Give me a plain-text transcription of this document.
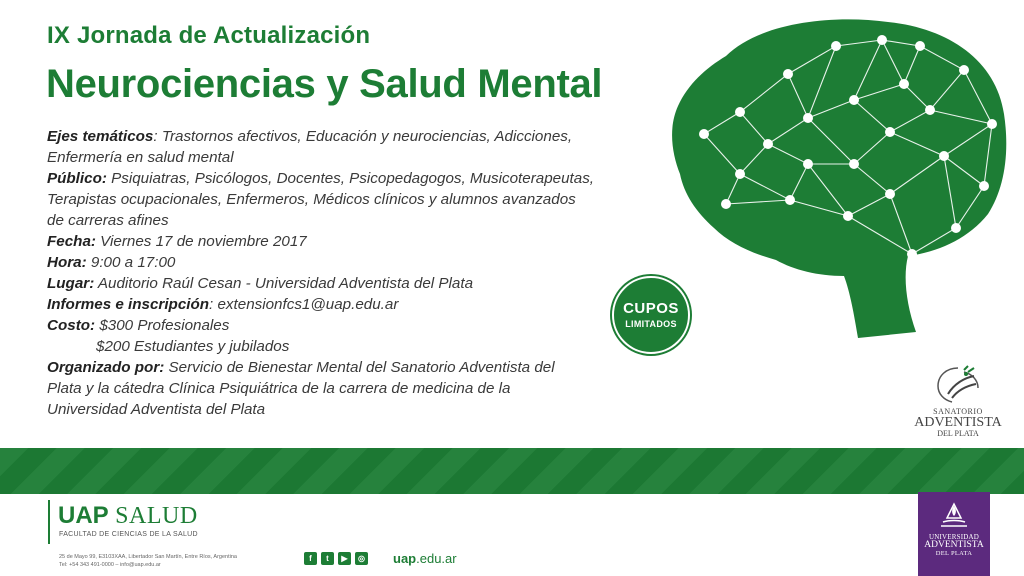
IX Jornada de Actualización
Neurociencias y Salud Mental
Ejes temáticos: Trastornos afectivos, Educación y neurociencias, Adicciones,
Enfermería en salud mental
Público: Psiquiatras, Psicólogos, Docentes, Psicopedagogos, Musicoterapeutas,
Terapistas ocupacionales, Enfermeros, Médicos clínicos y alumnos avanzados
de carreras afines
Fecha: Viernes 17 de noviembre 2017
Hora: 9:00 a 17:00
Lugar: Auditorio Raúl Cesan - Universidad Adventista del Plata
Informes e inscripción: extensionfcs1@uap.edu.ar
Costo: $300 Profesionales
$200 Estudiantes y jubilados
Organizado por: Servicio de Bienestar Mental del Sanatorio Adventista del
Plata y la cátedra Clínica Psiquiátrica de la carrera de medicina de la
Universidad Adventista del Plata
CUPOS
LIMITADOS
SANATORIO
ADVENTISTA
DEL PLATA
UAP SALUD
FACULTAD DE CIENCIAS DE LA SALUD
25 de Mayo 99, E3103XAA, Libertador San Martín, Entre Ríos, Argentina
Tel: +54 343 491-0000 – info@uap.edu.ar
f	t	▶	◎ uap.edu.ar
UNIVERSIDAD
ADVENTISTA
DEL PLATA
